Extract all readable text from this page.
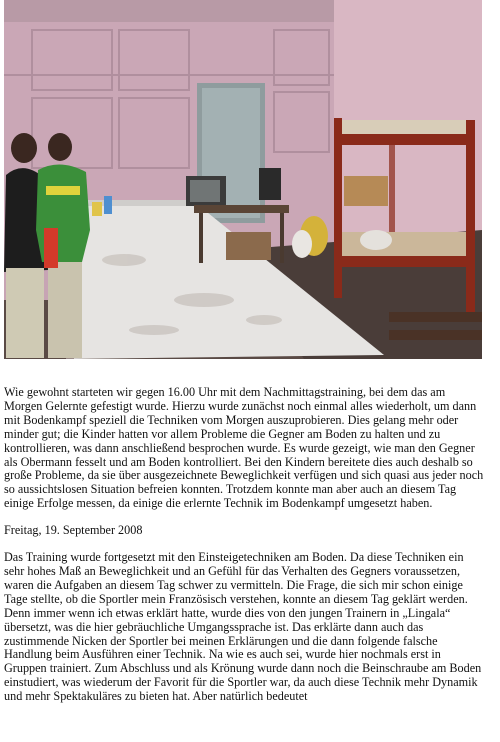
Wie gewohnt starteten wir gegen 16.00 Uhr mit dem Nachmittagstraining, bei dem das am Morgen Gelernte gefestigt wurde. Hierzu wurde zunächst noch einmal alles wiederholt, um dann mit Bodenkampf speziell die Techniken vom Morgen auszuprobieren. Dies gelang mehr oder minder gut; die Kinder hatten vor allem Probleme die Gegner am Boden zu halten und zu kontrollieren, was dann anschließend besprochen wurde. Es wurde gezeigt, wie man den Gegner als Obermann fesselt und am Boden kontrolliert. Bei den Kindern bereitete dies auch deshalb so große Probleme, da sie über ausgezeichnete Beweglichkeit verfügen und sich quasi aus jeder noch so aussichtslosen Situation befreien konnten. Trotzdem konnte man aber auch an diesem Tag einige Erfolge messen, da einige die erlernte Technik im Bodenkampf umgesetzt haben.

Freitag, 19. September 2008

Das Training wurde fortgesetzt mit den Einsteigetechniken am Boden. Da diese Techniken ein sehr hohes Maß an Beweglichkeit und an Gefühl für das Verhalten des Gegners voraussetzen, waren die Aufgaben an diesem Tag schwer zu vermitteln. Die Frage, die sich mir schon einige Tage stellte, ob die Sportler mein Französisch verstehen, konnte an diesem Tag geklärt werden. Denn immer wenn ich etwas erklärt hatte, wurde dies von den jungen Trainern in „Lingala“ übersetzt, was die hier gebräuchliche Umgangssprache ist. Das erklärte dann auch das zustimmende Nicken der Sportler bei meinen Erklärungen und die dann folgende falsche Handlung beim Ausführen einer Technik. Na wie es auch sei, wurde hier nochmals erst in Gruppen trainiert. Zum Abschluss und als Krönung wurde dann noch die Beinschraube am Boden einstudiert, was wiederum der Favorit für die Sportler war, da auch diese Technik mehr Dynamik und mehr Spektakuläres zu bieten hat. Aber natürlich bedeutet
